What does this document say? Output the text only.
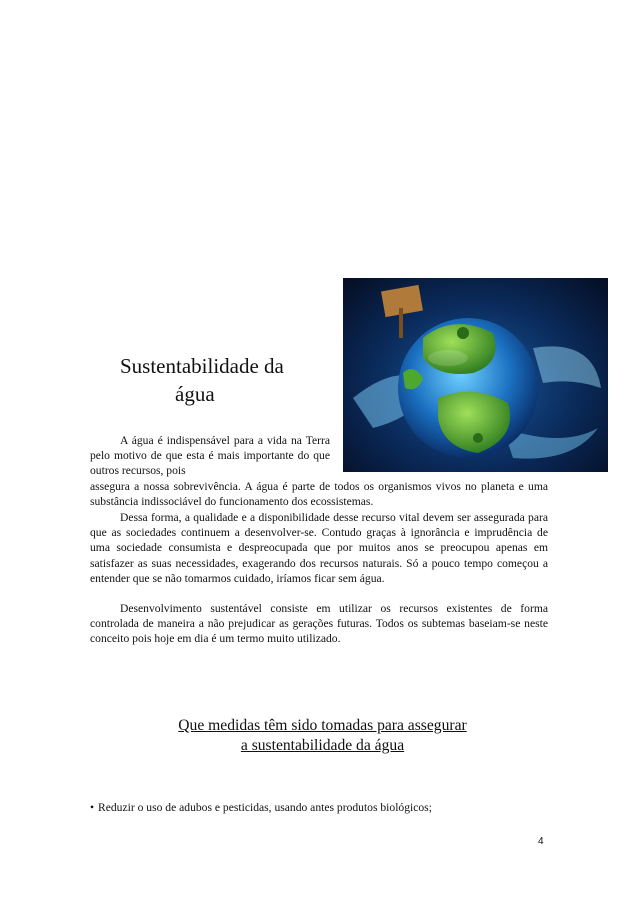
Sustentabilidade da
água

A água é indispensável para a vida na Terra pelo motivo de que esta é mais importante do que outros recursos, pois

assegura a nossa sobrevivência. A água é parte de todos os organismos vivos no planeta e uma substância indissociável do funcionamento dos ecossistemas.

Dessa forma, a qualidade e a disponibilidade desse recurso vital devem ser assegurada para que as sociedades continuem a desenvolver-se. Contudo graças à ignorância e imprudência de uma sociedade consumista e despreocupada que por muitos anos se preocupou apenas em satisfazer as suas necessidades, exagerando dos recursos naturais. Só a pouco tempo começou a entender que se não tomarmos cuidado, iríamos ficar sem água.

Desenvolvimento sustentável consiste em utilizar os recursos existentes de forma controlada de maneira a não prejudicar as gerações futuras. Todos os subtemas baseiam-se neste conceito pois hoje em dia é um termo muito utilizado.

Que medidas têm sido tomadas para assegurar
a sustentabilidade da água

• Reduzir o uso de adubos e pesticidas, usando antes produtos biológicos;

4
